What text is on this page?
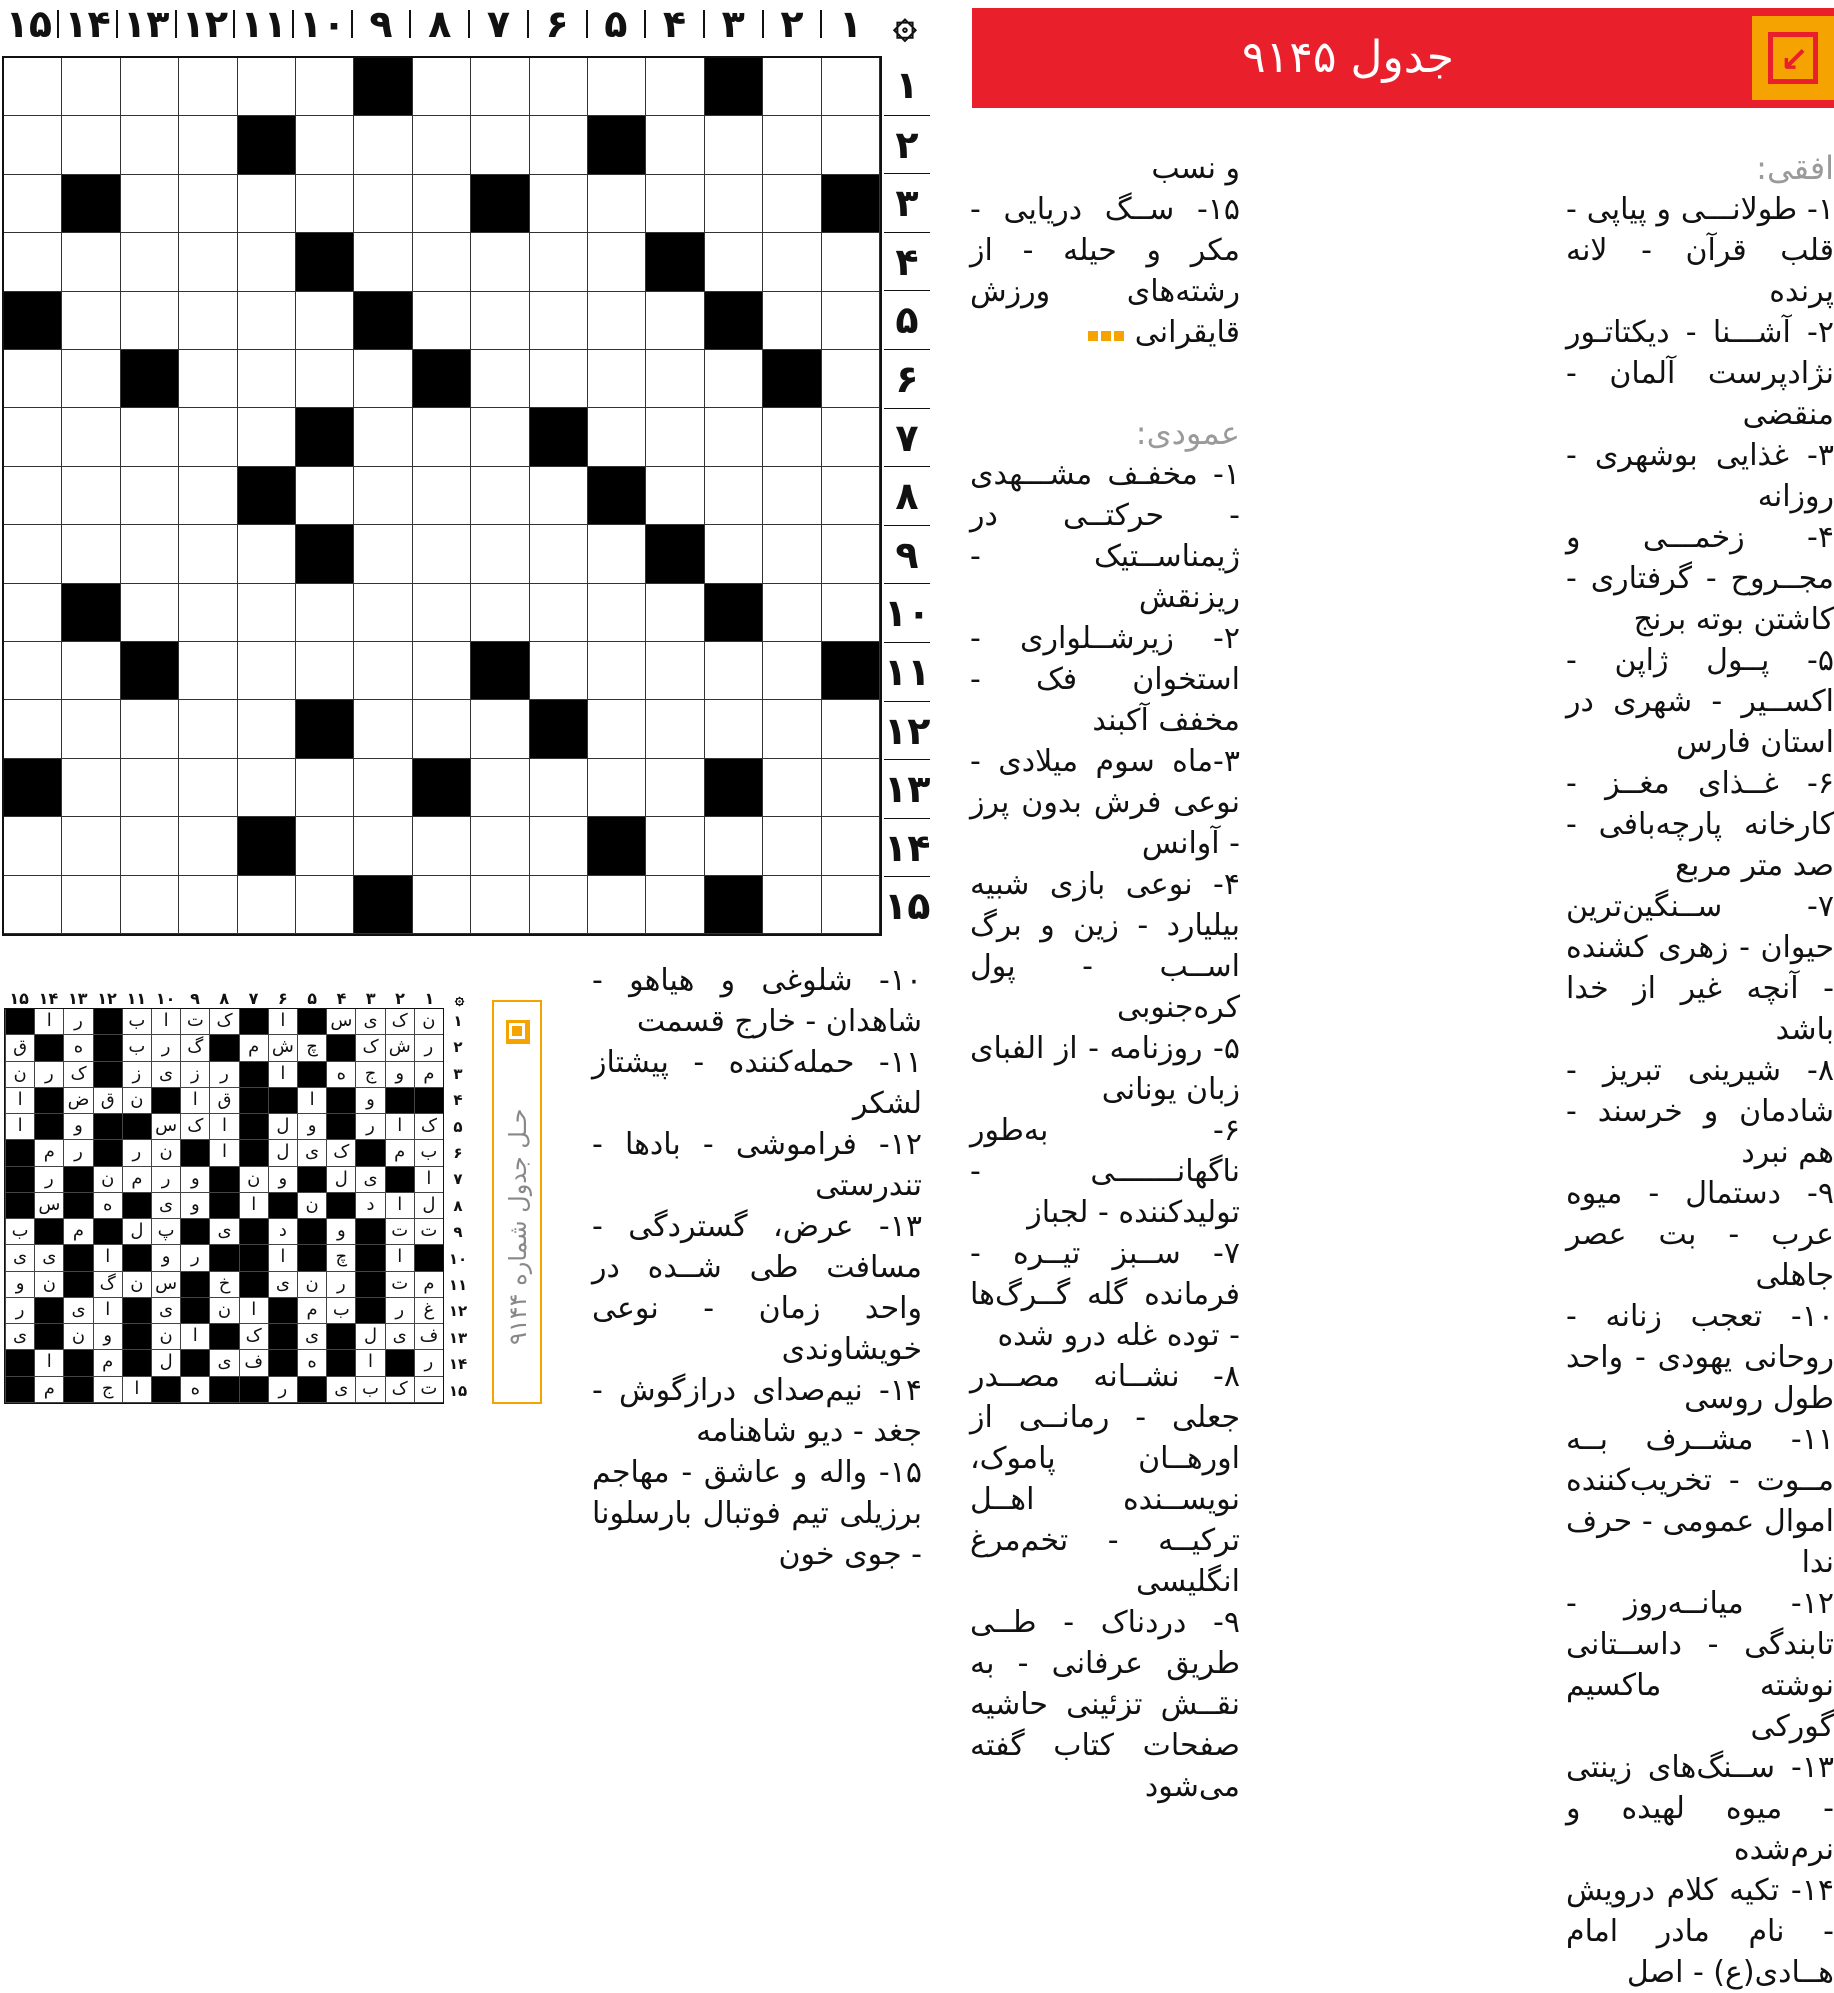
۞
۱
۲
۳
۴
۵
۶
۷
۸
۹
۱۰
۱۱
۱۲
۱۳
۱۴
۱۵
۱
۲
۳
۴
۵
۶
۷
۸
۹
۱۰
۱۱
۱۲
۱۳
۱۴
۱۵
جدول ۹۱۴۵	↙

افقی:

۱- طولانـــی و پیاپی - قلب قرآن - لانه پرنده

۲- آشـــنا - دیکتاتـور نژادپرست آلمان - منقضی

۳- غذایی بوشهری - روزانه

۴- زخمـــی و مجــروح - گرفتاری - کاشتن بوته برنج

۵- پــول ژاپن - اکســیر - شهری در استان فارس

۶- غــذای مغــز - کارخانه پارچه‌بافی - صد متر مربع

۷- ســنگین‌ترین حیوان - زهری کشنده - آنچه غیر از خدا باشد

۸- شیرینی تبریز - شادمان و خرسند - هم نبرد

۹- دستمال - میوه عرب - بت عصر جاهلی

۱۰- تعجب زنانه - روحانی یهودی - واحد طول روسی

۱۱- مشــرف بــه مــوت - تخریب‌کننده اموال عمومی - حرف ندا

۱۲- میانــه‌روز - تابندگی - داســتانی نوشته ماکسیم گورکی

۱۳- ســنگ‌های زینتی - میوه لهیده و نرم‌شده

۱۴- تکیه کلام درویش - نام مادر امام هــادی(ع) - اصل

و نسب

۱۵- ســگ دریایی - مکر و حیله - از رشته‌های ورزش قایقرانی

عمودی:

۱- مخفـف مشـــهدی - حرکتــی در ژیمناســتیک - ریزنقش

۲- زیرشــلواری - استخوان فک - مخفف آکبند

۳-ماه سوم میلادی - نوعی فرش بدون پرز - آوانس

۴- نوعی بازی شبیه بیلیارد - زین و برگ اســب - پول کره‌جنوبی

۵- روزنامه - از الفبای زبان یونانی

۶- به‌طور ناگهانـــــــی - تولیدکننده - لجباز

۷- ســبز تیــره - فرمانده گله گــرگ‌ها - توده غله درو شده

۸- نشــانه مصــدر جعلی - رمانــی از اورهــان پاموک، نویســنده اهــل ترکیــه - تخم‌مرغ انگلیسی

۹- دردناک - طــی طریق عرفانی - به نقــش تزئینی حاشیه صفحات کتاب گفته می‌شود

۱۰- شلوغی و هیاهو - شاهدان - خارج قسمت

۱۱- حمله‌کننده - پیشتاز لشکر

۱۲- فراموشی - بادها - تندرستی

۱۳- عرض، گستردگی - مسافت طی شــده در واحد زمان - نوعی خویشاوندی

۱۴- نیم‌صدای درازگوش - جغد - دیو شاهنامه

۱۵- واله و عاشق - مهاجم برزیلی تیم فوتبال بارسلونا - جوی خون

۞
۱
۲
۳
۴
۵
۶
۷
۸
۹
۱۰
۱۱
۱۲
۱۳
۱۴
۱۵
ن
ک
ی
س
ا
ک
ت
ا
ب
ر
ا
ر
ش
ک
چ
ش
م
گ
ر
ب
ه
ق
م
و
ج
ه
ا
ر
ز
ی
ز
ک
ر
ن
و
ا
ق
ا
ن
ق
ض
ا
ک
ا
ر
و
ل
ا
ک
س
و
ا
ب
م
ک
ی
ل
ا
ن
ر
ر
م
ا
ی
ل
و
ن
و
ر
م
ن
ر
ل
ا
د
ن
ا
و
ی
ه
س
ت
ت
و
د
ی
پ
ل
م
ب
ا
چ
ا
ر
و
ا
ی
ی
م
ت
ر
ن
ی
خ
س
ن
گ
ن
و
غ
ر
ب
م
ا
ن
ی
ا
ی
ر
ف
ی
ل
ی
ک
ا
ن
و
ن
ی
ر
ا
ه
ف
ی
ل
م
ا
ت
ک
ب
ی
ر
ه
ا
ج
م
۱
۲
۳
۴
۵
۶
۷
۸
۹
۱۰
۱۱
۱۲
۱۳
۱۴
۱۵
حـل جدول شماره ۹۱۴۴
